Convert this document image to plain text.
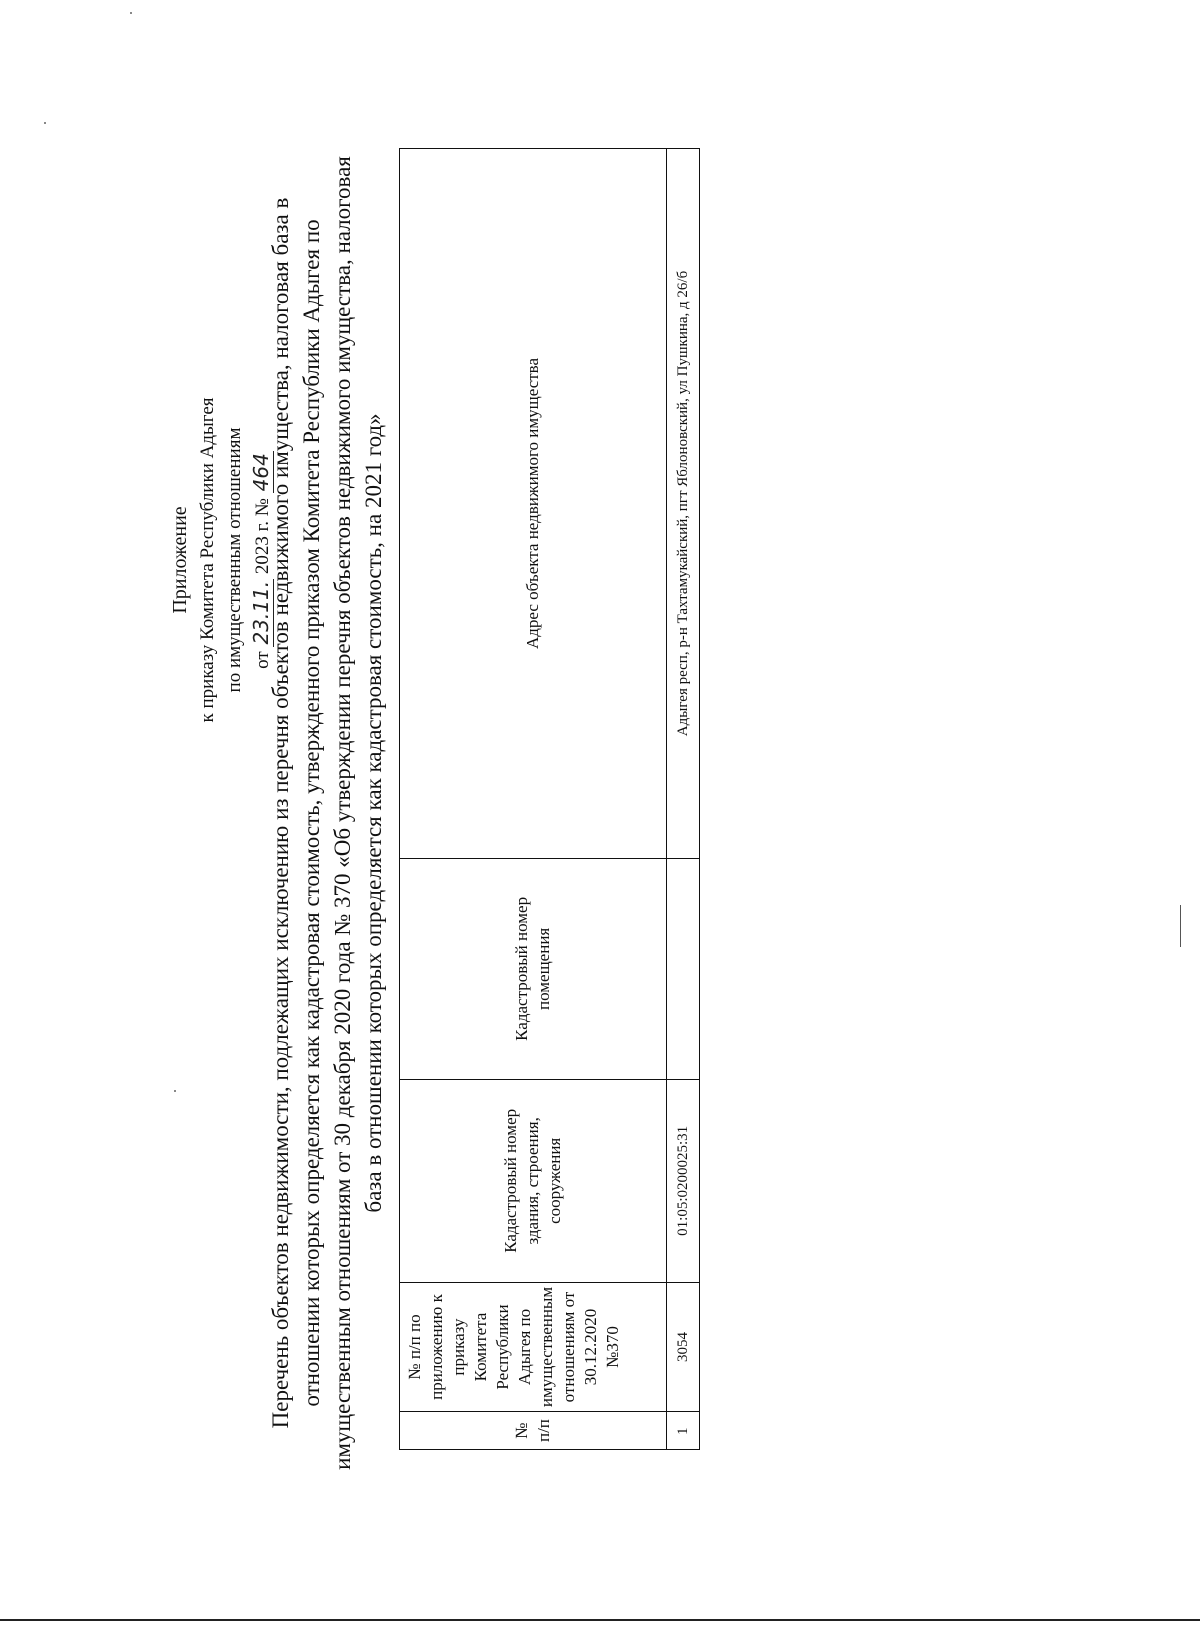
Приложение к приказу Комитета Республики Адыгея по имущественным отношениям от 23.11. 2023 г. № 464
Перечень объектов недвижимости, подлежащих исключению из перечня объектов недвижимого имущества, налоговая база в отношении которых определяется как кадастровая стоимость, утвержденного приказом Комитета Республики Адыгея по имущественным отношениям от 30 декабря 2020 года № 370 «Об утверждении перечня объектов недвижимого имущества, налоговая база в отношении которых определяется как кадастровая стоимость, на 2021 год»
№ п/п	№ п/п по приложению к приказу Комитета Республики Адыгея по имущественным отношениям от 30.12.2020 №370	Кадастровый номер здания, строения, сооружения	Кадастровый номер помещения	Адрес объекта недвижимого имущества
1	3054	01:05:0200025:31		Адыгея респ, р-н Тахтамукайский, пгт Яблоновский, ул Пушкина, д 26/б
